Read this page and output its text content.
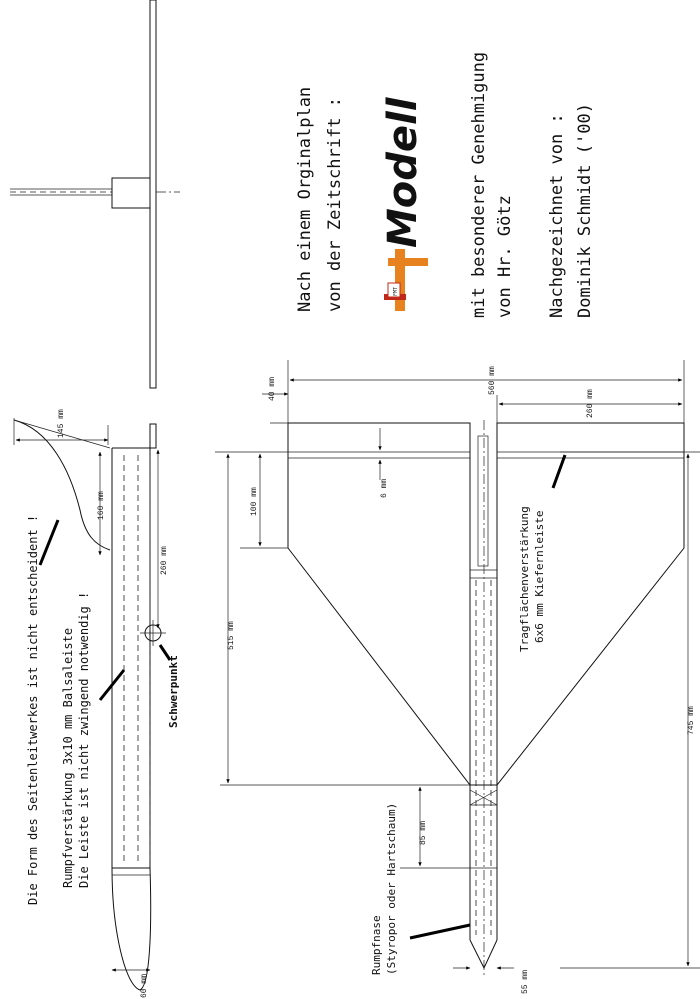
Die Form des Seitenleitwerkes ist nicht entscheident ! Rumpfverstärkung 3x10 mm Balsaleiste Die Leiste ist nicht zwingend notwendig !	Schwerpunkt
145 mm
160 mm
260 mm
60 mm
560 mm
260 mm
40 mm
100 mm	6 mm
515 mm
85 mm
745 mm
55 mm
Tragflächenverstärkung 6x6 mm Kiefernleiste
Rumpfnase (Styropor oder Hartschaum)
Nach einem Orginalplan von der Zeitschrift :	FMT
Modell	mit besonderer Genehmigung von Hr. Götz Nachgezeichnet von : Dominik Schmidt ('00)
